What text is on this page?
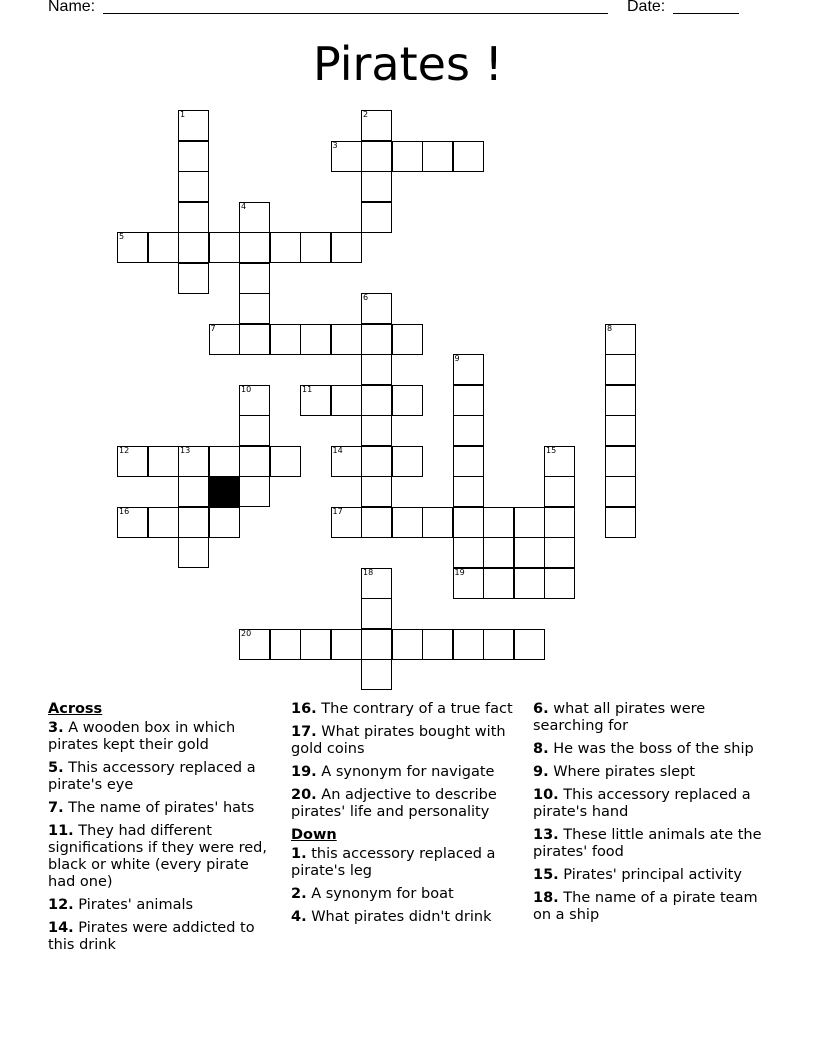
Name:	Date:
Pirates !
1	2
3
4
5
6
7	8
9
10	11
12	13	14	15
16	17
18	19
20
Across
3. A wooden box in which pirates kept their gold
5. This accessory replaced a pirate's eye
7. The name of pirates' hats
11. They had different significations if they were red, black or white (every pirate had one)
12. Pirates' animals
14. Pirates were addicted to this drink
16. The contrary of a true fact
17. What pirates bought with gold coins
19. A synonym for navigate
20. An adjective to describe pirates' life and personality
Down
1. this accessory replaced a pirate's leg
2. A synonym for boat
4. What pirates didn't drink
6. what all pirates were searching for
8. He was the boss of the ship
9. Where pirates slept
10. This accessory replaced a pirate's hand
13. These little animals ate the pirates' food
15. Pirates' principal activity
18. The name of a pirate team on a ship
